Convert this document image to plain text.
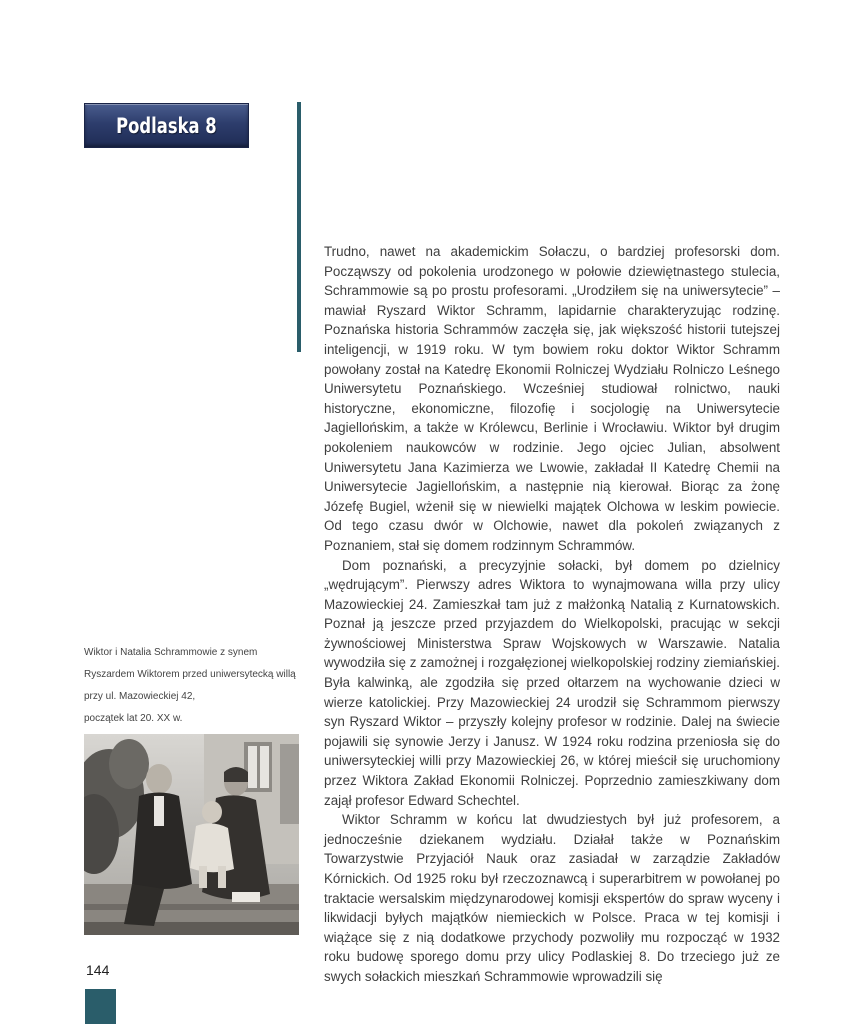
Podlaska 8

Trudno, nawet na akademickim Sołaczu, o bardziej profesorski dom. Począwszy od pokolenia urodzonego w połowie dziewiętnastego stulecia, Schrammowie są po prostu profesorami. „Urodziłem się na uniwersytecie” – mawiał Ryszard Wiktor Schramm, lapidarnie charakteryzując rodzinę. Poznańska historia Schrammów zaczęła się, jak większość historii tutejszej inteligencji, w 1919 roku. W tym bowiem roku doktor Wiktor Schramm powołany został na Katedrę Ekonomii Rolniczej Wydziału Rolniczo Leśnego Uniwersytetu Poznańskiego. Wcześniej studiował rolnictwo, nauki historyczne, ekonomiczne, filozofię i socjologię na Uniwersytecie Jagiellońskim, a także w Królewcu, Berlinie i Wrocławiu. Wiktor był drugim pokoleniem naukowców w rodzinie. Jego ojciec Julian, absolwent Uniwersytetu Jana Kazimierza we Lwowie, zakładał II Katedrę Chemii na Uniwersytecie Jagiellońskim, a następnie nią kierował. Biorąc za żonę Józefę Bugiel, wżenił się w niewielki majątek Olchowa w leskim powiecie. Od tego czasu dwór w Olchowie, nawet dla pokoleń związanych z Poznaniem, stał się domem rodzinnym Schrammów.

Dom poznański, a precyzyjnie sołacki, był domem po dzielnicy „wędrującym”. Pierwszy adres Wiktora to wynajmowana willa przy ulicy Mazowieckiej 24. Zamieszkał tam już z małżonką Natalią z Kurnatowskich. Poznał ją jeszcze przed przyjazdem do Wielkopolski, pracując w sekcji żywnościowej Ministerstwa Spraw Wojskowych w Warszawie. Natalia wywodziła się z zamożnej i rozgałęzionej wielkopolskiej rodziny ziemiańskiej. Była kalwinką, ale zgodziła się przed ołtarzem na wychowanie dzieci w wierze katolickiej. Przy Mazowieckiej 24 urodził się Schrammom pierwszy syn Ryszard Wiktor – przyszły kolejny profesor w rodzinie. Dalej na świecie pojawili się synowie Jerzy i Janusz. W 1924 roku rodzina przeniosła się do uniwersyteckiej willi przy Mazowieckiej 26, w której mieścił się uruchomiony przez Wiktora Zakład Ekonomii Rolniczej. Poprzednio zamieszkiwany dom zajął profesor Edward Schechtel.

Wiktor Schramm w końcu lat dwudziestych był już profesorem, a jednocześnie dziekanem wydziału. Działał także w Poznańskim Towarzystwie Przyjaciół Nauk oraz zasiadał w zarządzie Zakładów Kórnickich. Od 1925 roku był rzeczoznawcą i superarbitrem w powołanej po traktacie wersalskim międzynarodowej komisji ekspertów do spraw wyceny i likwidacji byłych majątków niemieckich w Polsce. Praca w tej komisji i wiążące się z nią dodatkowe przychody pozwoliły mu rozpocząć w 1932 roku budowę sporego domu przy ulicy Podlaskiej 8. Do trzeciego już ze swych sołackich mieszkań Schrammowie wprowadzili się

Wiktor i Natalia Schrammowie z synem
Ryszardem Wiktorem przed uniwersytecką willą
przy ul. Mazowieckiej 42,
początek lat 20. XX w.
144
